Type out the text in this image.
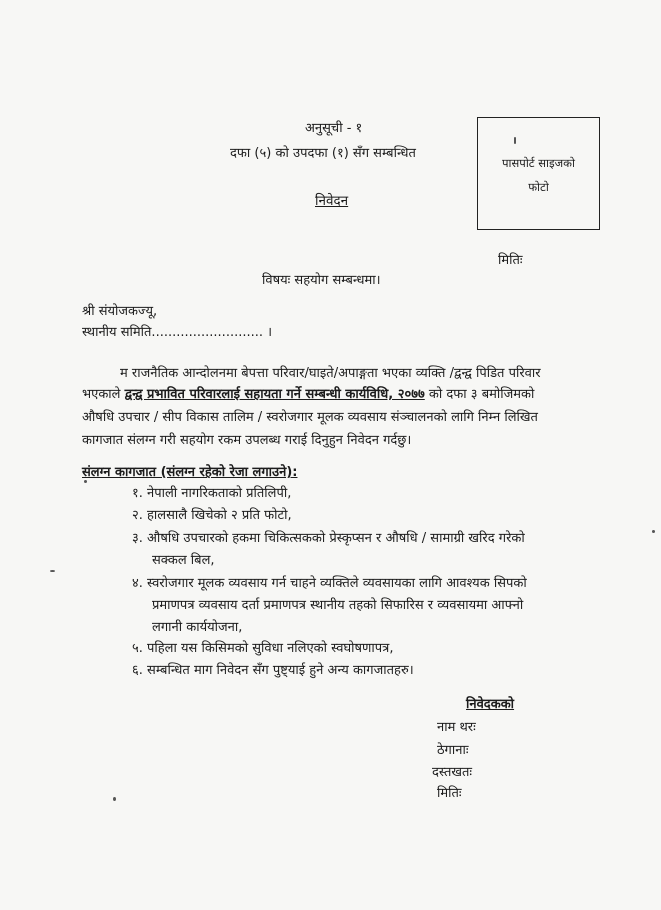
अनुसूची - १
दफा (५) को उपदफा (१) सँग सम्बन्धित
पासपोर्ट साइजको
फोटो
निवेदन
मितिः
विषयः सहयोग सम्बन्धमा।
श्री संयोजकज्यू,
स्थानीय समिति........................... ।
म राजनैतिक आन्दोलनमा बेपत्ता परिवार/घाइते/अपाङ्गता भएका व्यक्ति /द्वन्द्व पिडित परिवार
भएकाले द्वन्द्व प्रभावित परिवारलाई सहायता गर्ने सम्बन्धी कार्यविधि, २०७७ को दफा ३ बमोजिमको
औषधि उपचार / सीप विकास तालिम / स्वरोजगार मूलक व्यवसाय संञ्चालनको लागि निम्न लिखित
कागजात संलग्न गरी सहयोग रकम उपलब्ध गराई दिनुहुन निवेदन गर्दछु।
संलग्न कागजात (संलग्न रहेको रेजा लगाउने):
१. नेपाली नागरिकताको प्रतिलिपी,
२. हालसालै खिचेको २ प्रति फोटो,
३. औषधि उपचारको हकमा चिकित्सकको प्रेस्कृप्सन र औषधि / सामाग्री खरिद गरेको
सक्कल बिल,
४. स्वरोजगार मूलक व्यवसाय गर्न चाहने व्यक्तिले व्यवसायका लागि आवश्यक सिपको
प्रमाणपत्र व्यवसाय दर्ता प्रमाणपत्र स्थानीय तहको सिफारिस र व्यवसायमा आफ्नो
लगानी कार्ययोजना,
५. पहिला यस किसिमको सुविधा नलिएको स्वघोषणापत्र,
६. सम्बन्धित माग निवेदन सँग पुष्ट्याई हुने अन्य कागजातहरु।
निवेदकको
नाम थरः
ठेगानाः
दस्तखतः
मितिः
